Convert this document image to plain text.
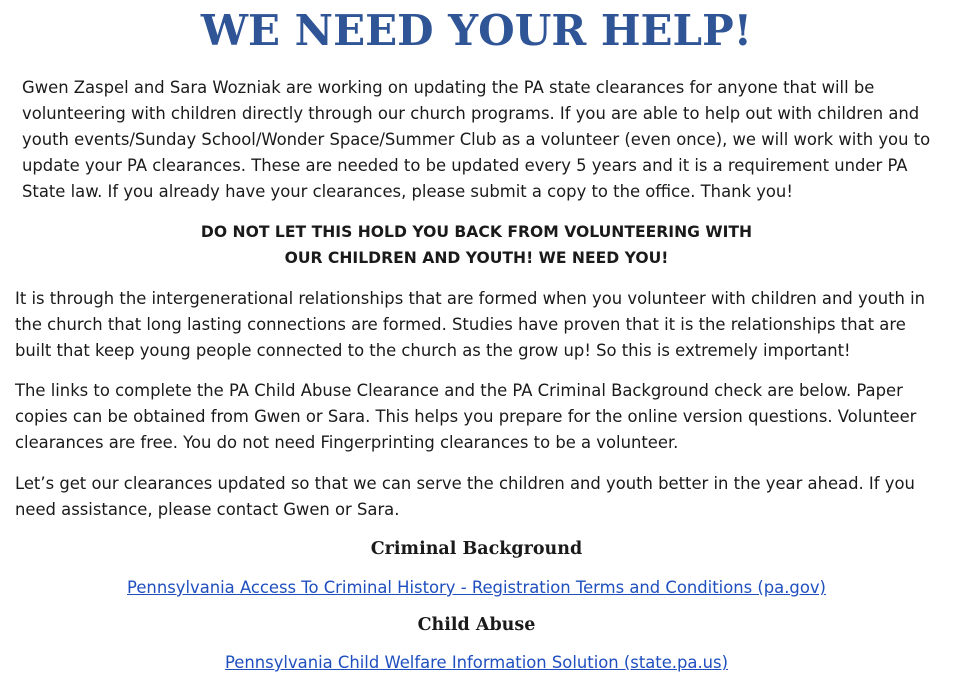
WE NEED YOUR HELP!

Gwen Zaspel and Sara Wozniak are working on updating the PA state clearances for anyone that will be volunteering with children directly through our church programs. If you are able to help out with children and youth events/Sunday School/Wonder Space/Summer Club as a volunteer (even once), we will work with you to update your PA clearances. These are needed to be updated every 5 years and it is a requirement under PA State law. If you already have your clearances, please submit a copy to the office. Thank you!

DO NOT LET THIS HOLD YOU BACK FROM VOLUNTEERING WITH

OUR CHILDREN AND YOUTH! WE NEED YOU!

It is through the intergenerational relationships that are formed when you volunteer with children and youth in the church that long lasting connections are formed. Studies have proven that it is the relationships that are built that keep young people connected to the church as the grow up! So this is extremely important!

The links to complete the PA Child Abuse Clearance and the PA Criminal Background check are below. Paper copies can be obtained from Gwen or Sara. This helps you prepare for the online version questions. Volunteer clearances are free. You do not need Fingerprinting clearances to be a volunteer.

Let’s get our clearances updated so that we can serve the children and youth better in the year ahead. If you need assistance, please contact Gwen or Sara.

Criminal Background

Pennsylvania Access To Criminal History - Registration Terms and Conditions (pa.gov)

Child Abuse

Pennsylvania Child Welfare Information Solution (state.pa.us)
